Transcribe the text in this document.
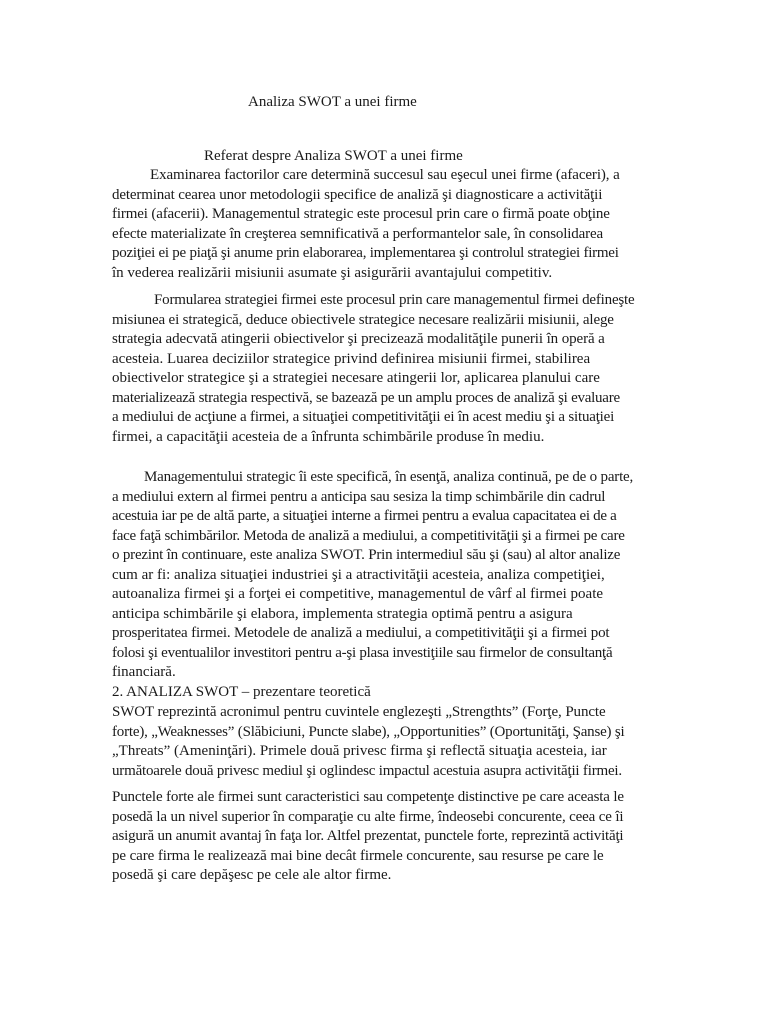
Analiza SWOT a unei firme
Referat despre Analiza SWOT a unei firme

Examinarea factorilor care determină succesul sau eşecul unei firme (afaceri), a
determinat cearea unor metodologii specifice de analiză şi diagnosticare a activităţii
firmei (afacerii). Managementul strategic este procesul prin care o firmă poate obţine
efecte materializate în creşterea semnificativă a performantelor sale, în consolidarea
poziţiei ei pe piaţă şi anume prin elaborarea, implementarea şi controlul strategiei firmei
în vederea realizării misiunii asumate şi asigurării avantajului competitiv.

Formularea strategiei firmei este procesul prin care managementul firmei defineşte
misiunea ei strategică, deduce obiectivele strategice necesare realizării misiunii, alege
strategia adecvată atingerii obiectivelor şi precizează modalităţile punerii în operă a
acesteia. Luarea deciziilor strategice privind definirea misiunii firmei, stabilirea
obiectivelor strategice şi a strategiei necesare atingerii lor, aplicarea planului care
materializează strategia respectivă, se bazează pe un amplu proces de analiză şi evaluare
a mediului de acţiune a firmei, a situaţiei competitivităţii ei în acest mediu şi a situaţiei
firmei, a capacităţii acesteia de a înfrunta schimbările produse în mediu.

Managementului strategic îi este specifică, în esenţă, analiza continuă, pe de o parte,
a mediului extern al firmei pentru a anticipa sau sesiza la timp schimbările din cadrul
acestuia iar pe de altă parte, a situaţiei interne a firmei pentru a evalua capacitatea ei de a
face faţă schimbărilor. Metoda de analiză a mediului, a competitivităţii şi a firmei pe care
o prezint în continuare, este analiza SWOT. Prin intermediul său şi (sau) al altor analize
cum ar fi: analiza situaţiei industriei şi a atractivităţii acesteia, analiza competiţiei,
autoanaliza firmei şi a forţei ei competitive, managementul de vârf al firmei poate
anticipa schimbările şi elabora, implementa strategia optimă pentru a asigura
prosperitatea firmei. Metodele de analiză a mediului, a competitivităţii şi a firmei pot
folosi şi eventualilor investitori pentru a-şi plasa investiţiile sau firmelor de consultanţă
financiară.

2. ANALIZA SWOT – prezentare teoretică

SWOT reprezintă acronimul pentru cuvintele englezeşti „Strengthts” (Forţe, Puncte
forte), „Weaknesses” (Slăbiciuni, Puncte slabe), „Opportunities” (Oportunităţi, Şanse) şi
„Threats” (Ameninţări). Primele două privesc firma şi reflectă situaţia acesteia, iar
următoarele două privesc mediul şi oglindesc impactul acestuia asupra activităţii firmei.

Punctele forte ale firmei sunt caracteristici sau competenţe distinctive pe care aceasta le
posedă la un nivel superior în comparaţie cu alte firme, îndeosebi concurente, ceea ce îi
asigură un anumit avantaj în faţa lor. Altfel prezentat, punctele forte, reprezintă activităţi
pe care firma le realizează mai bine decât firmele concurente, sau resurse pe care le
posedă şi care depăşesc pe cele ale altor firme.
